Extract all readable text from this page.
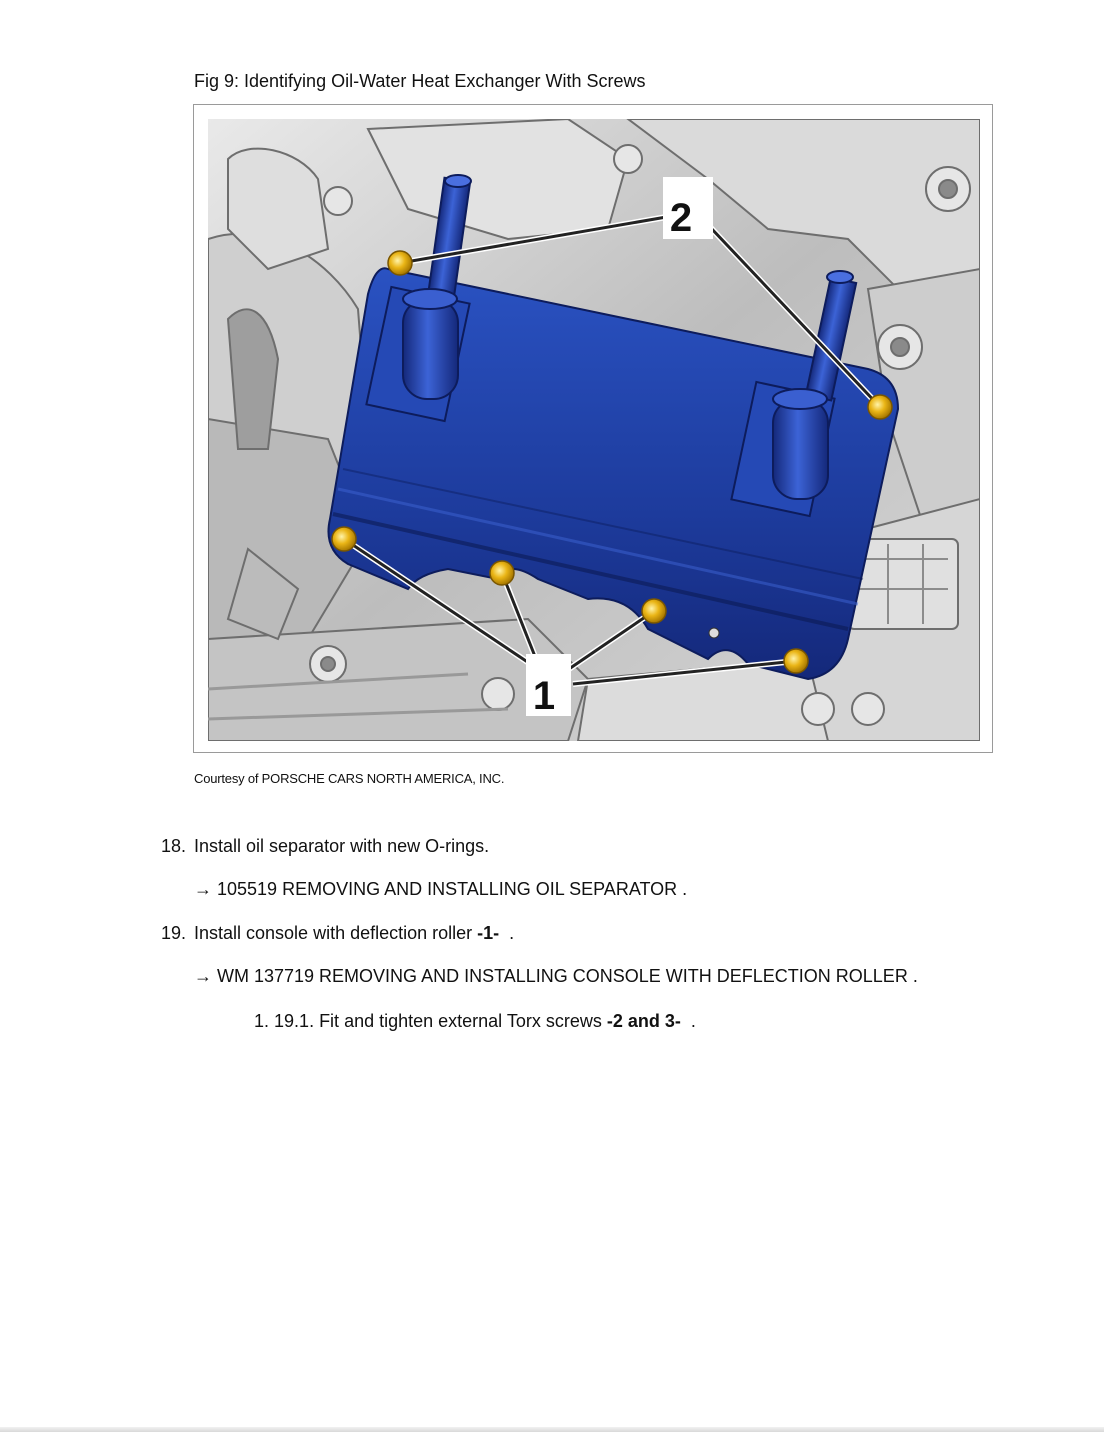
Fig 9: Identifying Oil-Water Heat Exchanger With Screws
2
1
Courtesy of PORSCHE CARS NORTH AMERICA, INC.
18. Install oil separator with new O-rings.
→ 105519 REMOVING AND INSTALLING OIL SEPARATOR .
19. Install console with deflection roller -1-  .
→ WM 137719 REMOVING AND INSTALLING CONSOLE WITH DEFLECTION ROLLER .
1. 19.1. Fit and tighten external Torx screws -2 and 3-  .
